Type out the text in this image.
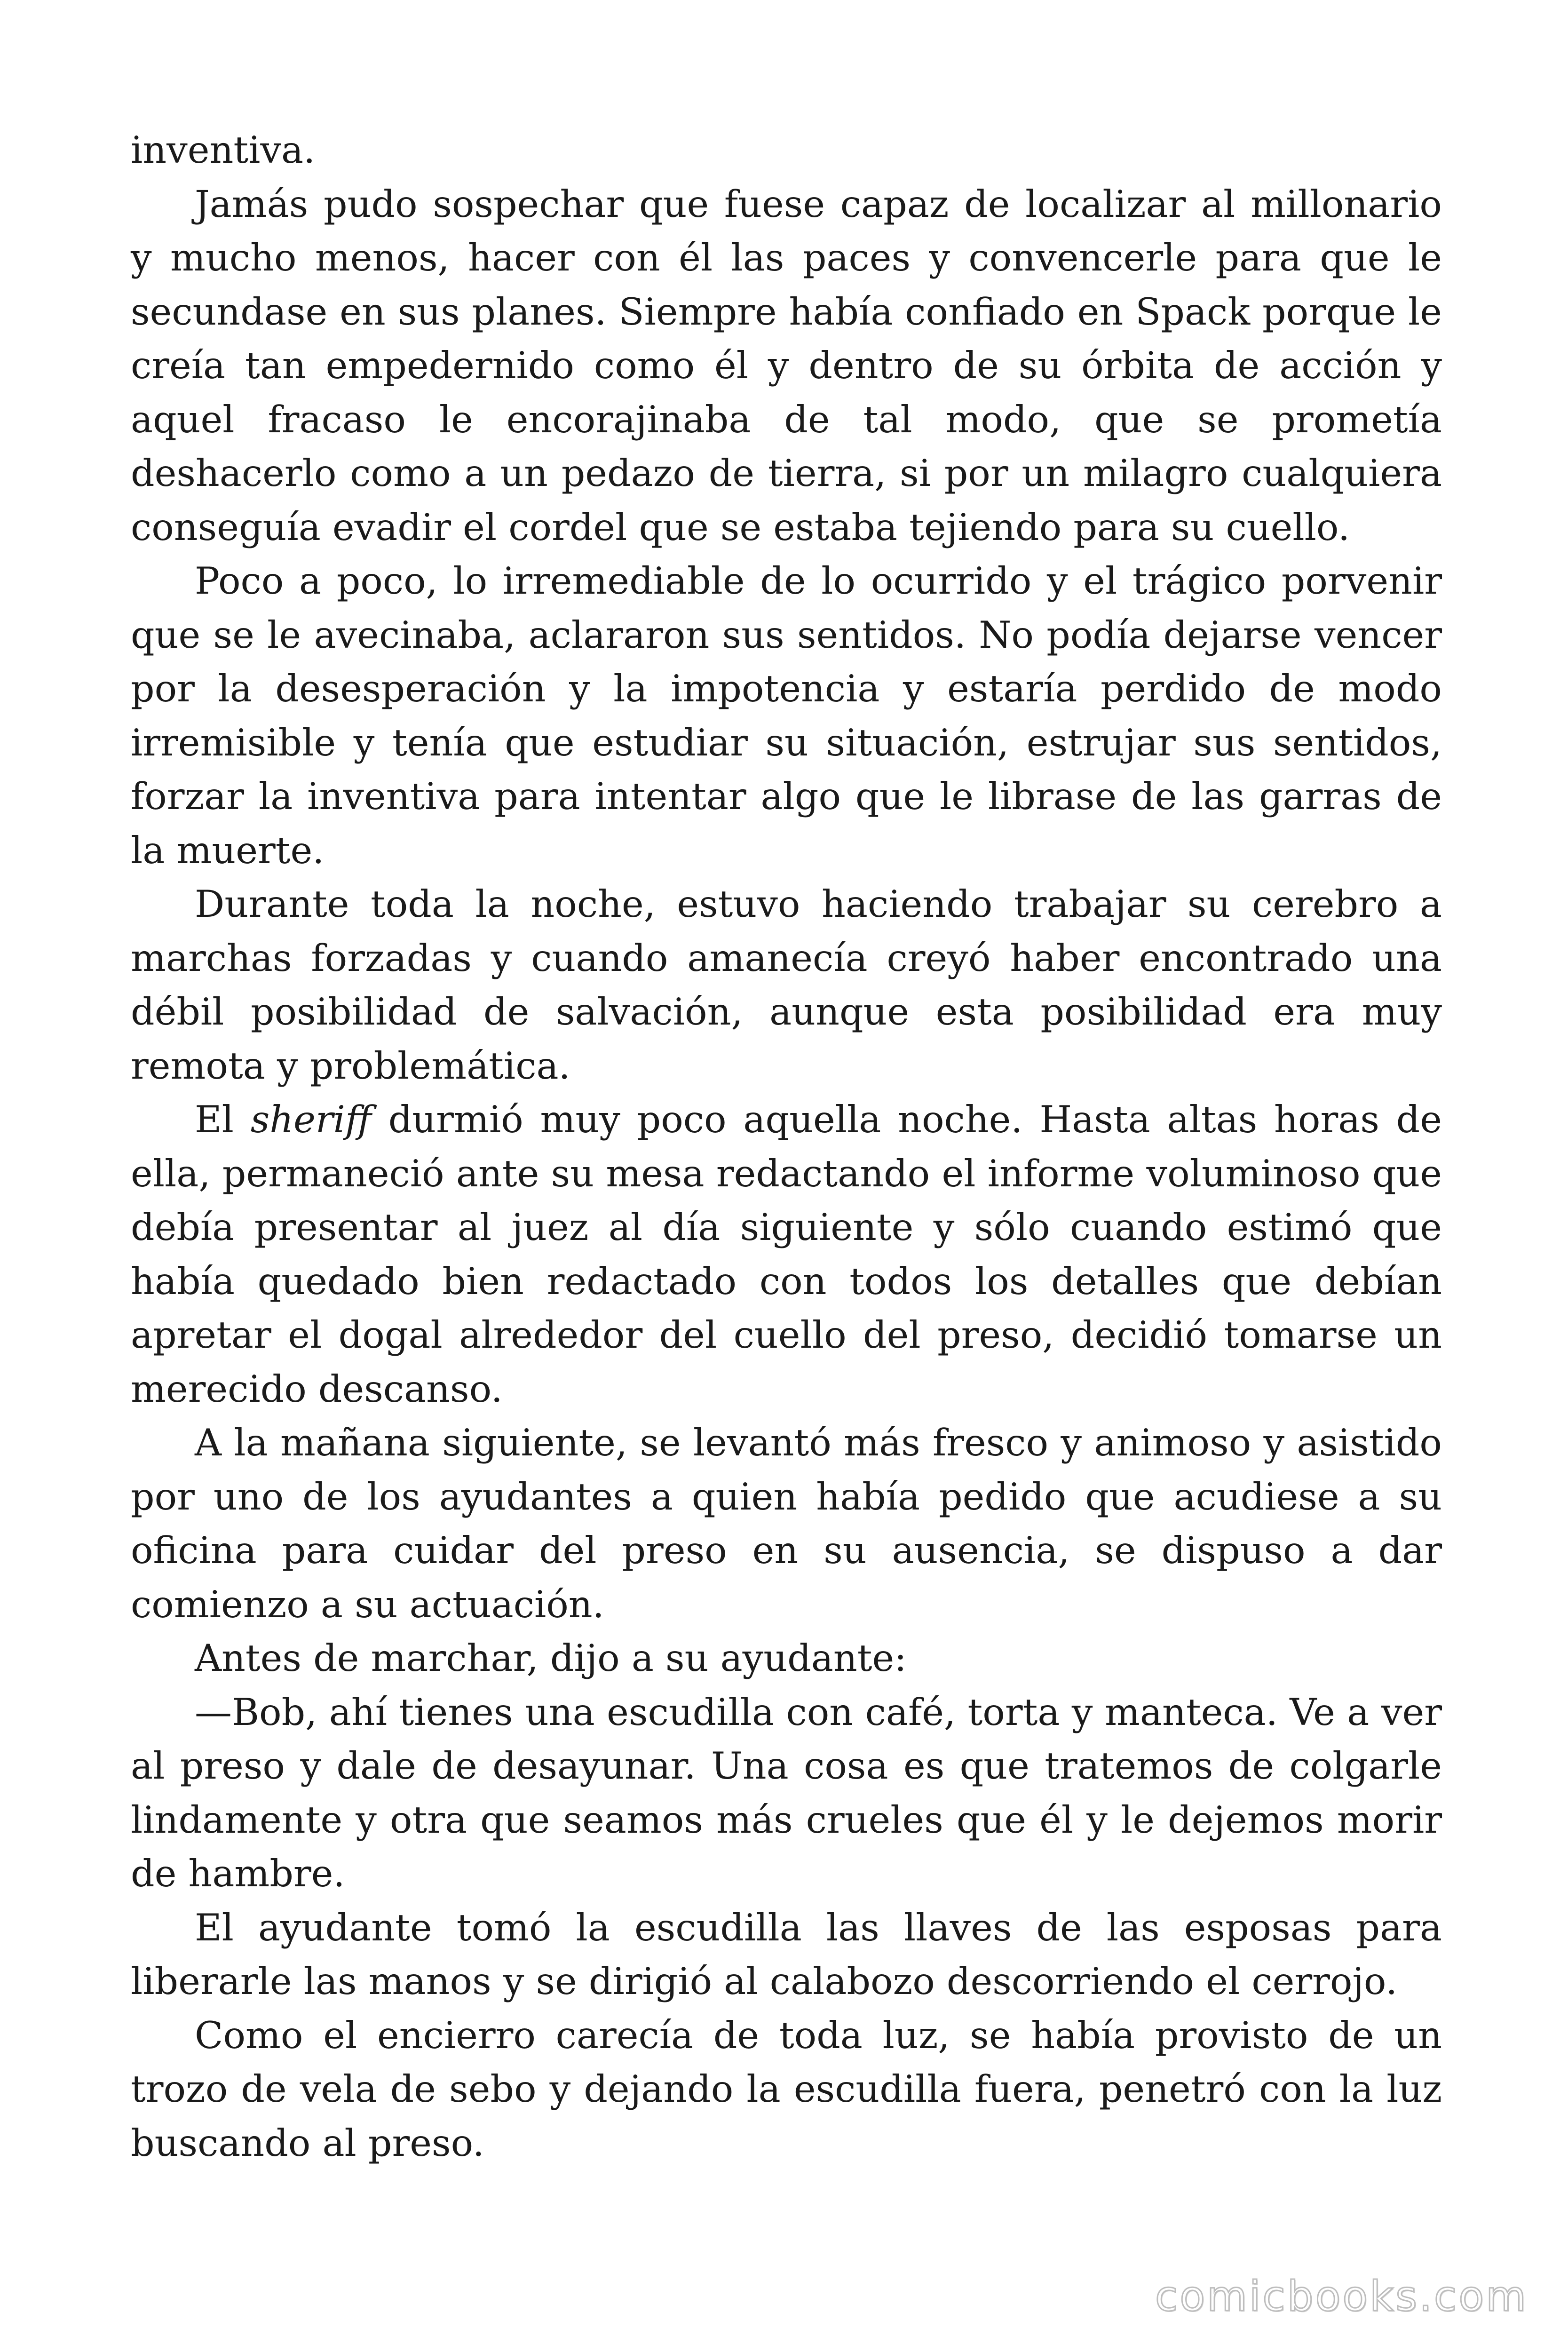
inventiva.

Jamás pudo sospechar que fuese capaz de localizar al millonario y mucho menos, hacer con él las paces y convencerle para que le secundase en sus planes. Siempre había confiado en Spack porque le creía tan empedernido como él y dentro de su órbita de acción y aquel fracaso le encorajinaba de tal modo, que se prometía deshacerlo como a un pedazo de tierra, si por un milagro cualquiera conseguía evadir el cordel que se estaba tejiendo para su cuello.

Poco a poco, lo irremediable de lo ocurrido y el trágico porvenir que se le avecinaba, aclararon sus sentidos. No podía dejarse vencer por la desesperación y la impotencia y estaría perdido de modo irremisible y tenía que estudiar su situación, estrujar sus sentidos, forzar la inventiva para intentar algo que le librase de las garras de la muerte.

Durante toda la noche, estuvo haciendo trabajar su cerebro a marchas forzadas y cuando amanecía creyó haber encontrado una débil posibilidad de salvación, aunque esta posibilidad era muy remota y problemática.

El sheriff durmió muy poco aquella noche. Hasta altas horas de ella, permaneció ante su mesa redactando el informe voluminoso que debía presentar al juez al día siguiente y sólo cuando estimó que había quedado bien redactado con todos los detalles que debían apretar el dogal alrededor del cuello del preso, decidió tomarse un merecido descanso.

A la mañana siguiente, se levantó más fresco y animoso y asistido por uno de los ayudantes a quien había pedido que acudiese a su oficina para cuidar del preso en su ausencia, se dispuso a dar comienzo a su actuación.

Antes de marchar, dijo a su ayudante:

—Bob, ahí tienes una escudilla con café, torta y manteca. Ve a ver al preso y dale de desayunar. Una cosa es que tratemos de colgarle lindamente y otra que seamos más crueles que él y le dejemos morir de hambre.

El ayudante tomó la escudilla las llaves de las esposas para liberarle las manos y se dirigió al calabozo descorriendo el cerrojo.

Como el encierro carecía de toda luz, se había provisto de un trozo de vela de sebo y dejando la escudilla fuera, penetró con la luz buscando al preso.

comicbooks.com
